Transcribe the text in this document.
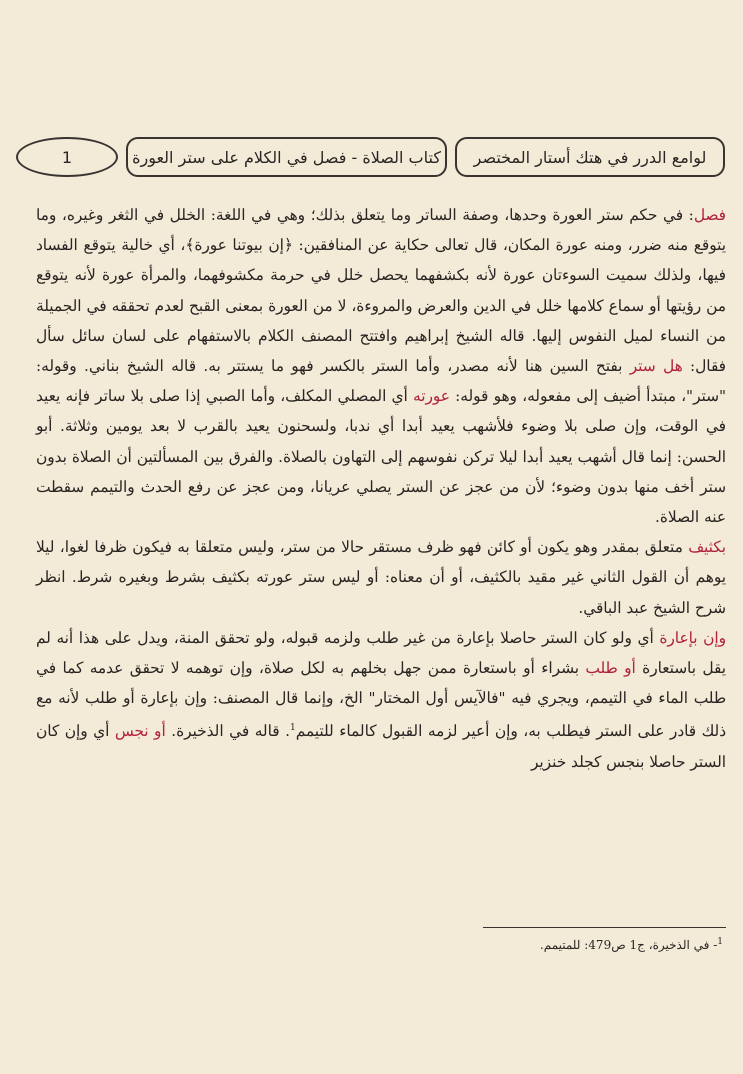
لوامع الدرر في هتك أستار المختصر
كتاب الصلاة - فصل في الكلام على ستر العورة
1

فصل: في حكم ستر العورة وحدها، وصفة الساتر وما يتعلق بذلك؛ وهي في اللغة: الخلل في الثغر وغيره، وما يتوقع منه ضرر، ومنه عورة المكان، قال تعالى حكاية عن المنافقين: ﴿إن بيوتنا عورة﴾، أي خالية يتوقع الفساد فيها، ولذلك سميت السوءتان عورة لأنه بكشفهما يحصل خلل في حرمة مكشوفهما، والمرأة عورة لأنه يتوقع من رؤيتها أو سماع كلامها خلل في الدين والعرض والمروءة، لا من العورة بمعنى القبح لعدم تحققه في الجميلة من النساء لميل النفوس إليها. قاله الشيخ إبراهيم وافتتح المصنف الكلام بالاستفهام على لسان سائل سأل فقال: هل ستر بفتح السين هنا لأنه مصدر، وأما الستر بالكسر فهو ما يستتر به. قاله الشيخ بناني. وقوله: "ستر"، مبتدأ أضيف إلى مفعوله، وهو قوله: عورته أي المصلي المكلف، وأما الصبي إذا صلى بلا ساتر فإنه يعيد في الوقت، وإن صلى بلا وضوء فلأشهب يعيد أبدا أي ندبا، ولسحنون يعيد بالقرب لا بعد يومين وثلاثة. أبو الحسن: إنما قال أشهب يعيد أبدا ليلا تركن نفوسهم إلى التهاون بالصلاة. والفرق بين المسألتين أن الصلاة بدون ستر أخف منها بدون وضوء؛ لأن من عجز عن الستر يصلي عريانا، ومن عجز عن رفع الحدث والتيمم سقطت عنه الصلاة.

بكثيف متعلق بمقدر وهو يكون أو كائن فهو ظرف مستقر حالا من ستر، وليس متعلقا به فيكون ظرفا لغوا، ليلا يوهم أن القول الثاني غير مقيد بالكثيف، أو أن معناه: أو ليس ستر عورته بكثيف بشرط وبغيره شرط. انظر شرح الشيخ عبد الباقي.

وإن بإعارة أي ولو كان الستر حاصلا بإعارة من غير طلب ولزمه قبوله، ولو تحقق المنة، ويدل على هذا أنه لم يقل باستعارة أو طلب بشراء أو باستعارة ممن جهل بخلهم به لكل صلاة، وإن توهمه لا تحقق عدمه كما في طلب الماء في التيمم، ويجري فيه "فالآيس أول المختار" الخ، وإنما قال المصنف: وإن بإعارة أو طلب لأنه مع ذلك قادر على الستر فيطلب به، وإن أعير لزمه القبول كالماء للتيمم$^1$. قاله في الذخيرة. أو نجس أي وإن كان الستر حاصلا بنجس كجلد خنزير

$^1$- في الذخيرة، ج1 ص479: للمتيمم.
